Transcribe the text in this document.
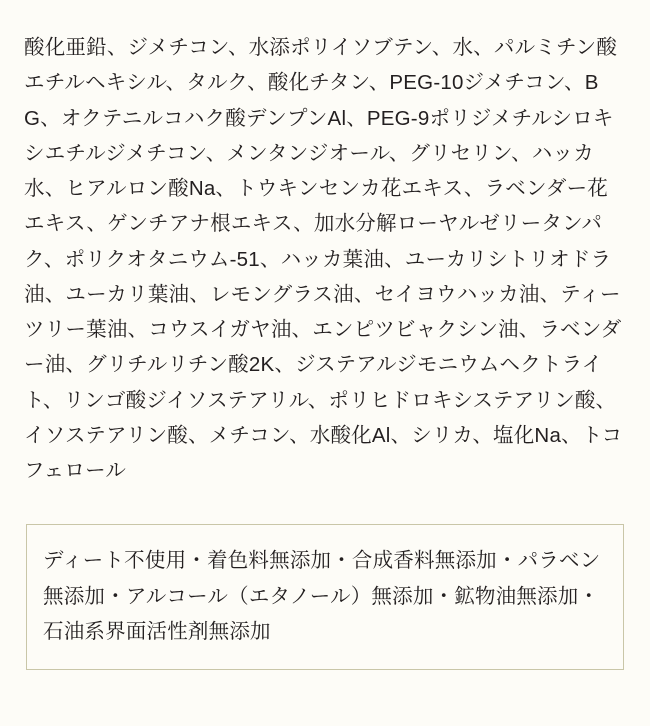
酸化亜鉛、ジメチコン、水添ポリイソブテン、水、パルミチン酸エチルヘキシル、タルク、酸化チタン、PEG-10ジメチコン、BG、オクテニルコハク酸デンプンAl、PEG-9ポリジメチルシロキシエチルジメチコン、メンタンジオール、グリセリン、ハッカ水、ヒアルロン酸Na、トウキンセンカ花エキス、ラベンダー花エキス、ゲンチアナ根エキス、加水分解ローヤルゼリータンパク、ポリクオタニウム-51、ハッカ葉油、ユーカリシトリオドラ油、ユーカリ葉油、レモングラス油、セイヨウハッカ油、ティーツリー葉油、コウスイガヤ油、エンピツビャクシン油、ラベンダー油、グリチルリチン酸2K、ジステアルジモニウムヘクトライト、リンゴ酸ジイソステアリル、ポリヒドロキシステアリン酸、イソステアリン酸、メチコン、水酸化Al、シリカ、塩化Na、トコフェロール

ディート不使用・着色料無添加・合成香料無添加・パラベン無添加・アルコール（エタノール）無添加・鉱物油無添加・石油系界面活性剤無添加
